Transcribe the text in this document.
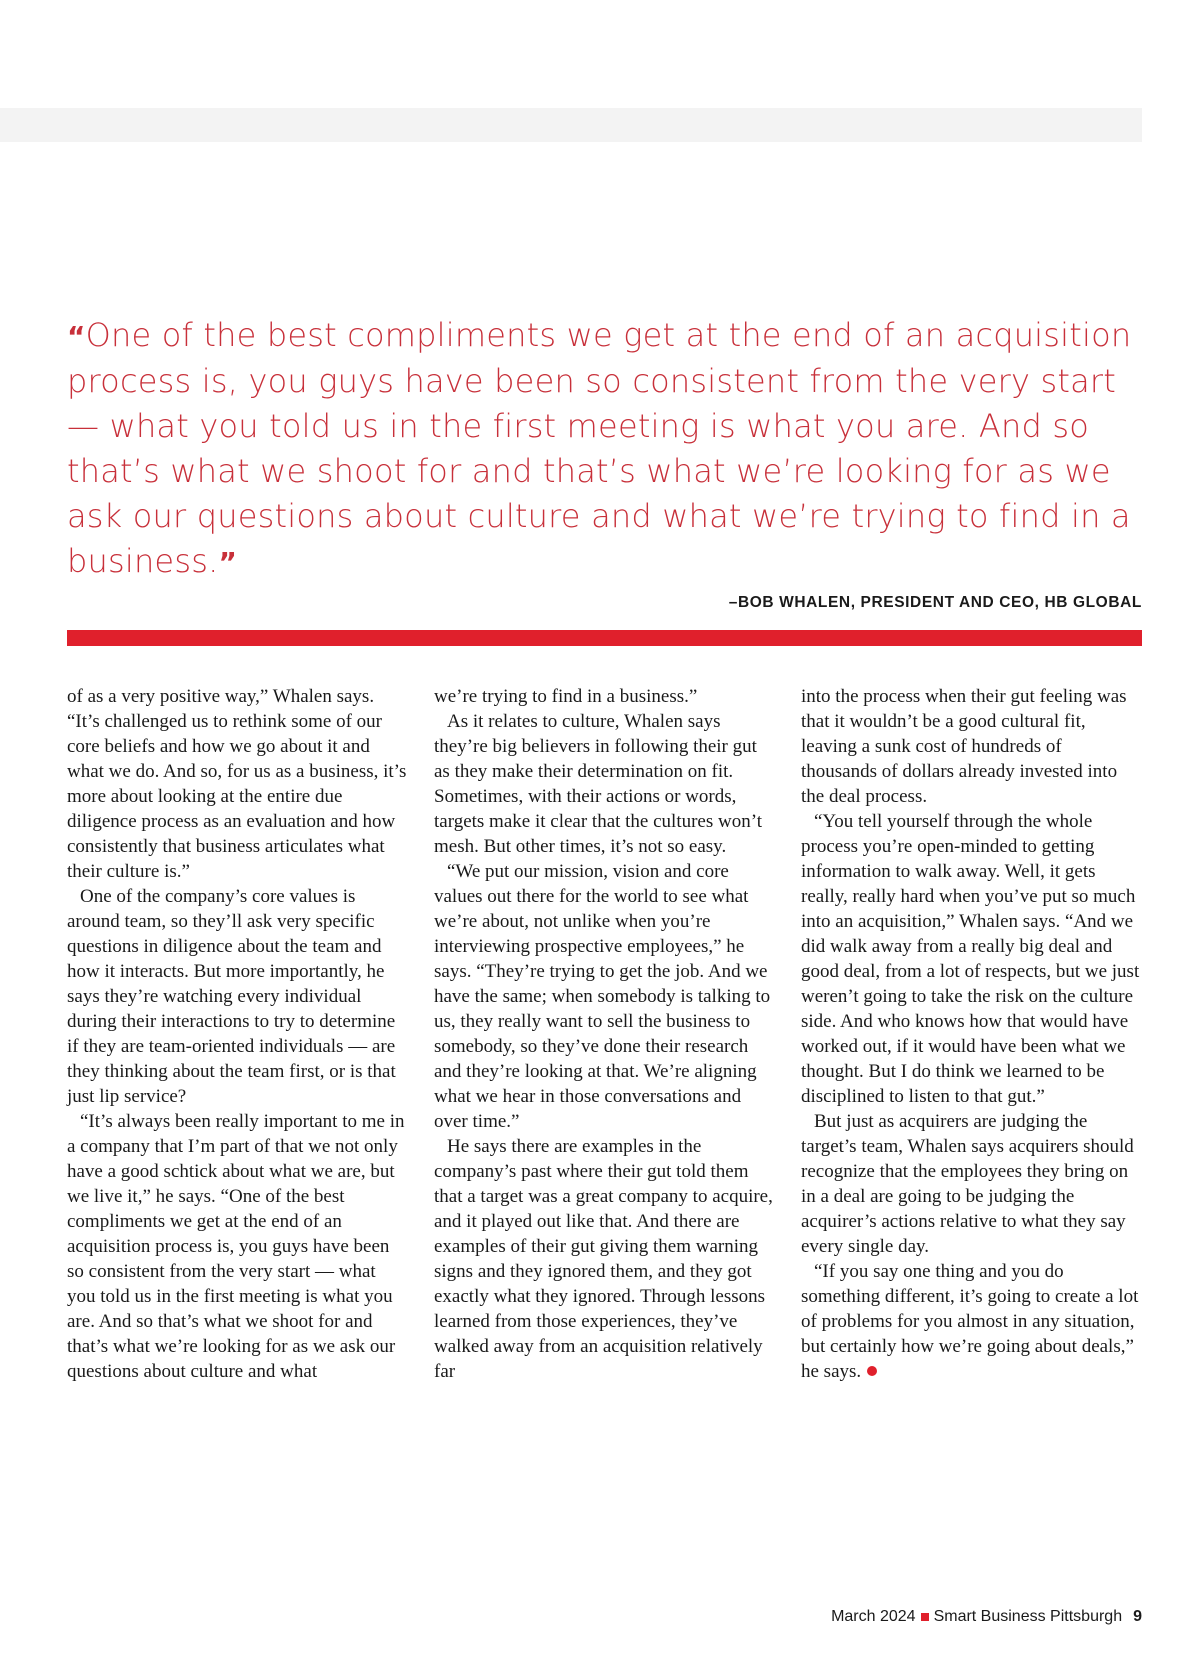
“One of the best compliments we get at the end of an acquisition process is, you guys have been so consistent from the very start — what you told us in the first meeting is what you are. And so that’s what we shoot for and that’s what we’re looking for as we ask our questions about culture and what we’re trying to find in a business.”
–BOB WHALEN, PRESIDENT AND CEO, HB GLOBAL

of as a very positive way,” Whalen says. “It’s challenged us to rethink some of our core beliefs and how we go about it and what we do. And so, for us as a business, it’s more about looking at the entire due diligence process as an evaluation and how consistently that business articulates what their culture is.”

One of the company’s core values is around team, so they’ll ask very specific questions in diligence about the team and how it interacts. But more importantly, he says they’re watching every individual during their interactions to try to determine if they are team-oriented individuals — are they thinking about the team first, or is that just lip service?

“It’s always been really important to me in a company that I’m part of that we not only have a good schtick about what we are, but we live it,” he says. “One of the best compliments we get at the end of an acquisition process is, you guys have been so consistent from the very start — what you told us in the first meeting is what you are. And so that’s what we shoot for and that’s what we’re looking for as we ask our questions about culture and what

we’re trying to find in a business.”

As it relates to culture, Whalen says they’re big believers in following their gut as they make their determination on fit. Sometimes, with their actions or words, targets make it clear that the cultures won’t mesh. But other times, it’s not so easy.

“We put our mission, vision and core values out there for the world to see what we’re about, not unlike when you’re interviewing prospective employees,” he says. “They’re trying to get the job. And we have the same; when somebody is talking to us, they really want to sell the business to somebody, so they’ve done their research and they’re looking at that. We’re aligning what we hear in those conversations and over time.”

He says there are examples in the company’s past where their gut told them that a target was a great company to acquire, and it played out like that. And there are examples of their gut giving them warning signs and they ignored them, and they got exactly what they ignored. Through lessons learned from those experiences, they’ve walked away from an acquisition relatively far

into the process when their gut feeling was that it wouldn’t be a good cultural fit, leaving a sunk cost of hundreds of thousands of dollars already invested into the deal process.

“You tell yourself through the whole process you’re open-minded to getting information to walk away. Well, it gets really, really hard when you’ve put so much into an acquisition,” Whalen says. “And we did walk away from a really big deal and good deal, from a lot of respects, but we just weren’t going to take the risk on the culture side. And who knows how that would have worked out, if it would have been what we thought. But I do think we learned to be disciplined to listen to that gut.”

But just as acquirers are judging the target’s team, Whalen says acquirers should recognize that the employees they bring on in a deal are going to be judging the acquirer’s actions relative to what they say every single day.

“If you say one thing and you do something different, it’s going to create a lot of problems for you almost in any situation, but certainly how we’re going about deals,” he says.

March 2024 Smart Business Pittsburgh 9
